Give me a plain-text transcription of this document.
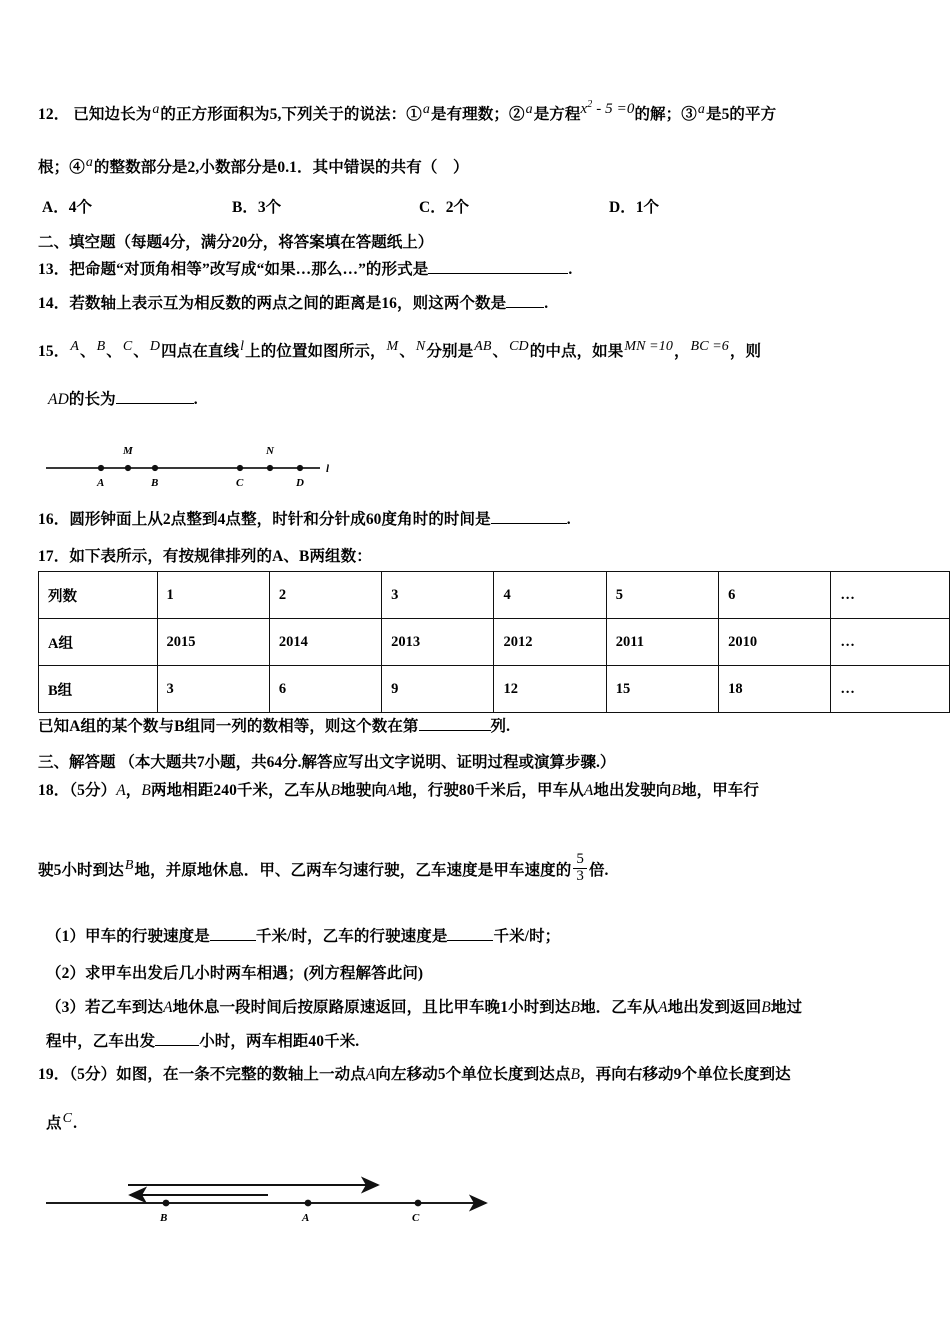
12． 已知边长为a的正方形面积为5,下列关于的说法：①a是有理数；②a是方程$x^2 - 5 =0$的解；③a是5的平方
根；④a的整数部分是2,小数部分是0.1．其中错误的共有（　）
A．4个	B．3个	C．2个	D．1个
二、填空题（每题4分，满分20分，将答案填在答题纸上）
13．把命题“对顶角相等”改写成“如果…那么…”的形式是	.
14．若数轴上表示互为相反数的两点之间的距离是16，则这两个数是 .
15．A、B、C、D四点在直线l上的位置如图所示，M、N分别是AB、CD的中点，如果MN =10，BC =6，则
AD的长为	.
A
M
B	C
N
D
l
16．圆形钟面上从2点整到4点整，时针和分针成60度角时的时间是	.
17．如下表所示，有按规律排列的A、B两组数：
列数	1	2	3	4	5	6	…
A组	2015	2014	2013	2012	2011	2010	…
B组	3	6	9	12	15	18	…
已知A组的某个数与B组同一列的数相等，则这个数在第	列.
三、解答题 （本大题共7小题，共64分.解答应写出文字说明、证明过程或演算步骤.）
18．（5分）A，B两地相距240千米，乙车从B地驶向A地，行驶80千米后，甲车从A地出发驶向B地，甲车行
驶5小时到达B地，并原地休息．甲、乙两车匀速行驶，乙车速度是甲车速度的 $\frac{5}{3}$ 倍.
（1）甲车的行驶速度是	千米/时，乙车的行驶速度是	千米/时；
（2）求甲车出发后几小时两车相遇；(列方程解答此问)
（3）若乙车到达A地休息一段时间后按原路原速返回，且比甲车晚1小时到达B地．乙车从A地出发到返回B地过
程中，乙车出发	小时，两车相距40千米.
19．（5分）如图，在一条不完整的数轴上一动点A向左移动5个单位长度到达点B，再向右移动9个单位长度到达
点C.
B	A	C
